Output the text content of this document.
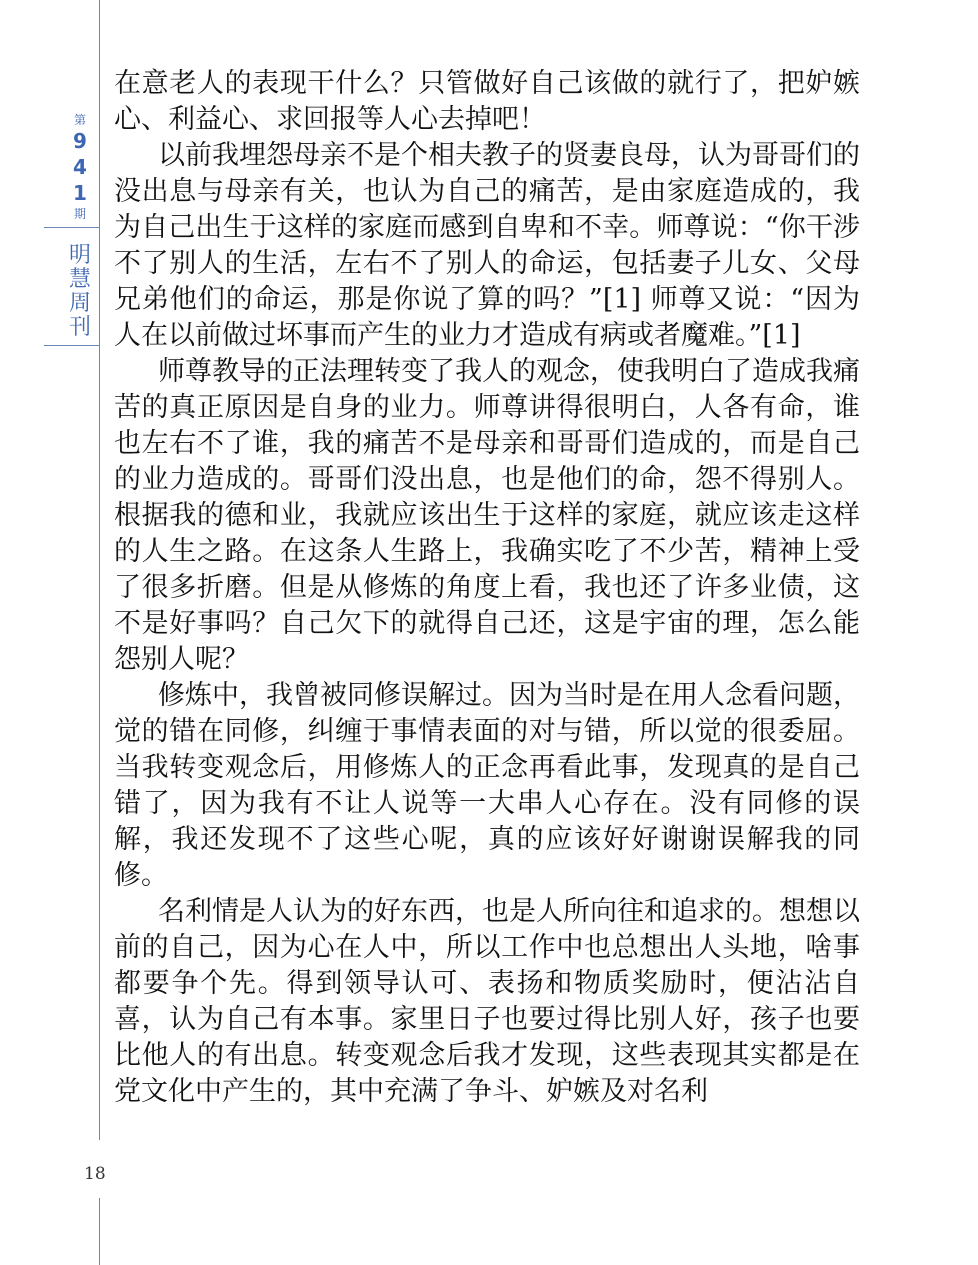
第
9
4
1
期
明慧周刊
18

在意老人的表现干什么？只管做好自己该做的就行了，把妒嫉心、利益心、求回报等人心去掉吧！

以前我埋怨母亲不是个相夫教子的贤妻良母，认为哥哥们的没出息与母亲有关，也认为自己的痛苦，是由家庭造成的，我为自己出生于这样的家庭而感到自卑和不幸。师尊说：“你干涉不了别人的生活，左右不了别人的命运，包括妻子儿女、父母兄弟他们的命运，那是你说了算的吗？”[1] 师尊又说：“因为人在以前做过坏事而产生的业力才造成有病或者魔难。”[1]

师尊教导的正法理转变了我人的观念，使我明白了造成我痛苦的真正原因是自身的业力。师尊讲得很明白，人各有命，谁也左右不了谁，我的痛苦不是母亲和哥哥们造成的，而是自己的业力造成的。哥哥们没出息，也是他们的命，怨不得别人。根据我的德和业，我就应该出生于这样的家庭，就应该走这样的人生之路。在这条人生路上，我确实吃了不少苦，精神上受了很多折磨。但是从修炼的角度上看，我也还了许多业债，这不是好事吗？自己欠下的就得自己还，这是宇宙的理，怎么能怨别人呢？

修炼中，我曾被同修误解过。因为当时是在用人念看问题，觉的错在同修，纠缠于事情表面的对与错，所以觉的很委屈。当我转变观念后，用修炼人的正念再看此事，发现真的是自己错了，因为我有不让人说等一大串人心存在。没有同修的误解，我还发现不了这些心呢，真的应该好好谢谢误解我的同修。

名利情是人认为的好东西，也是人所向往和追求的。想想以前的自己，因为心在人中，所以工作中也总想出人头地，啥事都要争个先。得到领导认可、表扬和物质奖励时，便沾沾自喜，认为自己有本事。家里日子也要过得比别人好，孩子也要比他人的有出息。转变观念后我才发现，这些表现其实都是在党文化中产生的，其中充满了争斗、妒嫉及对名利
